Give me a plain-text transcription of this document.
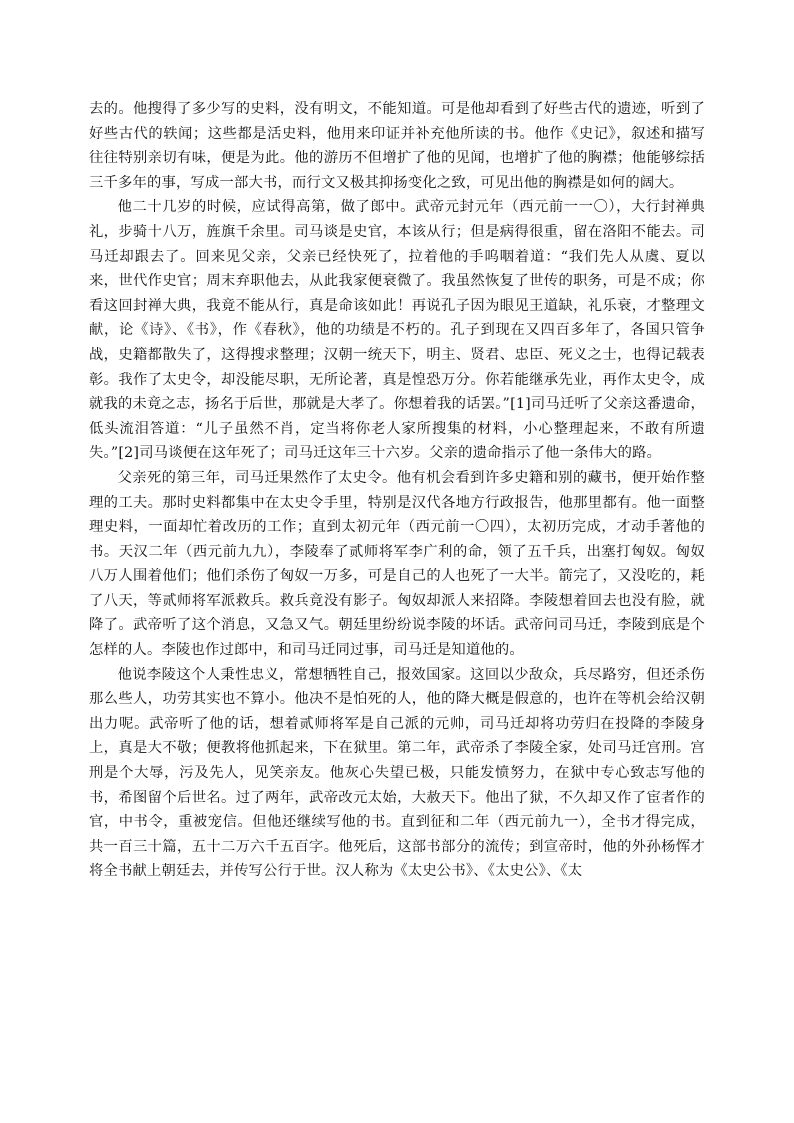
去的。他搜得了多少写的史料，没有明文，不能知道。可是他却看到了好些古代的遗迹，听到了好些古代的轶闻；这些都是活史料，他用来印证并补充他所读的书。他作《史记》，叙述和描写往往特别亲切有味，便是为此。他的游历不但增扩了他的见闻，也增扩了他的胸襟；他能够综括三千多年的事，写成一部大书，而行文又极其抑扬变化之致，可见出他的胸襟是如何的阔大。

他二十几岁的时候，应试得高第，做了郎中。武帝元封元年（西元前一一〇），大行封禅典礼，步骑十八万，旌旗千余里。司马谈是史官，本该从行；但是病得很重，留在洛阳不能去。司马迁却跟去了。回来见父亲，父亲已经快死了，拉着他的手呜咽着道：“我们先人从虞、夏以来，世代作史官；周末弃职他去，从此我家便衰微了。我虽然恢复了世传的职务，可是不成；你看这回封禅大典，我竟不能从行，真是命该如此！再说孔子因为眼见王道缺，礼乐衰，才整理文献，论《诗》、《书》，作《春秋》，他的功绩是不朽的。孔子到现在又四百多年了，各国只管争战，史籍都散失了，这得搜求整理；汉朝一统天下，明主、贤君、忠臣、死义之士，也得记载表彰。我作了太史令，却没能尽职，无所论著，真是惶恐万分。你若能继承先业，再作太史令，成就我的未竟之志，扬名于后世，那就是大孝了。你想着我的话罢。”[1]司马迁听了父亲这番遗命，低头流泪答道：“儿子虽然不肖，定当将你老人家所搜集的材料，小心整理起来，不敢有所遗失。”[2]司马谈便在这年死了；司马迁这年三十六岁。父亲的遗命指示了他一条伟大的路。

父亲死的第三年，司马迁果然作了太史令。他有机会看到许多史籍和别的藏书，便开始作整理的工夫。那时史料都集中在太史令手里，特别是汉代各地方行政报告，他那里都有。他一面整理史料，一面却忙着改历的工作；直到太初元年（西元前一〇四），太初历完成，才动手著他的书。天汉二年（西元前九九），李陵奉了贰师将军李广利的命，领了五千兵，出塞打匈奴。匈奴八万人围着他们；他们杀伤了匈奴一万多，可是自己的人也死了一大半。箭完了，又没吃的，耗了八天，等贰师将军派救兵。救兵竟没有影子。匈奴却派人来招降。李陵想着回去也没有脸，就降了。武帝听了这个消息，又急又气。朝廷里纷纷说李陵的坏话。武帝问司马迁，李陵到底是个怎样的人。李陵也作过郎中，和司马迁同过事，司马迁是知道他的。

他说李陵这个人秉性忠义，常想牺牲自己，报效国家。这回以少敌众，兵尽路穷，但还杀伤那么些人，功劳其实也不算小。他决不是怕死的人，他的降大概是假意的，也许在等机会给汉朝出力呢。武帝听了他的话，想着贰师将军是自己派的元帅，司马迁却将功劳归在投降的李陵身上，真是大不敬；便教将他抓起来，下在狱里。第二年，武帝杀了李陵全家，处司马迁宫刑。宫刑是个大辱，污及先人，见笑亲友。他灰心失望已极，只能发愤努力，在狱中专心致志写他的书，希图留个后世名。过了两年，武帝改元太始，大赦天下。他出了狱，不久却又作了宦者作的官，中书令，重被宠信。但他还继续写他的书。直到征和二年（西元前九一），全书才得完成，共一百三十篇，五十二万六千五百字。他死后，这部书部分的流传；到宣帝时，他的外孙杨恽才将全书献上朝廷去，并传写公行于世。汉人称为《太史公书》、《太史公》、《太
